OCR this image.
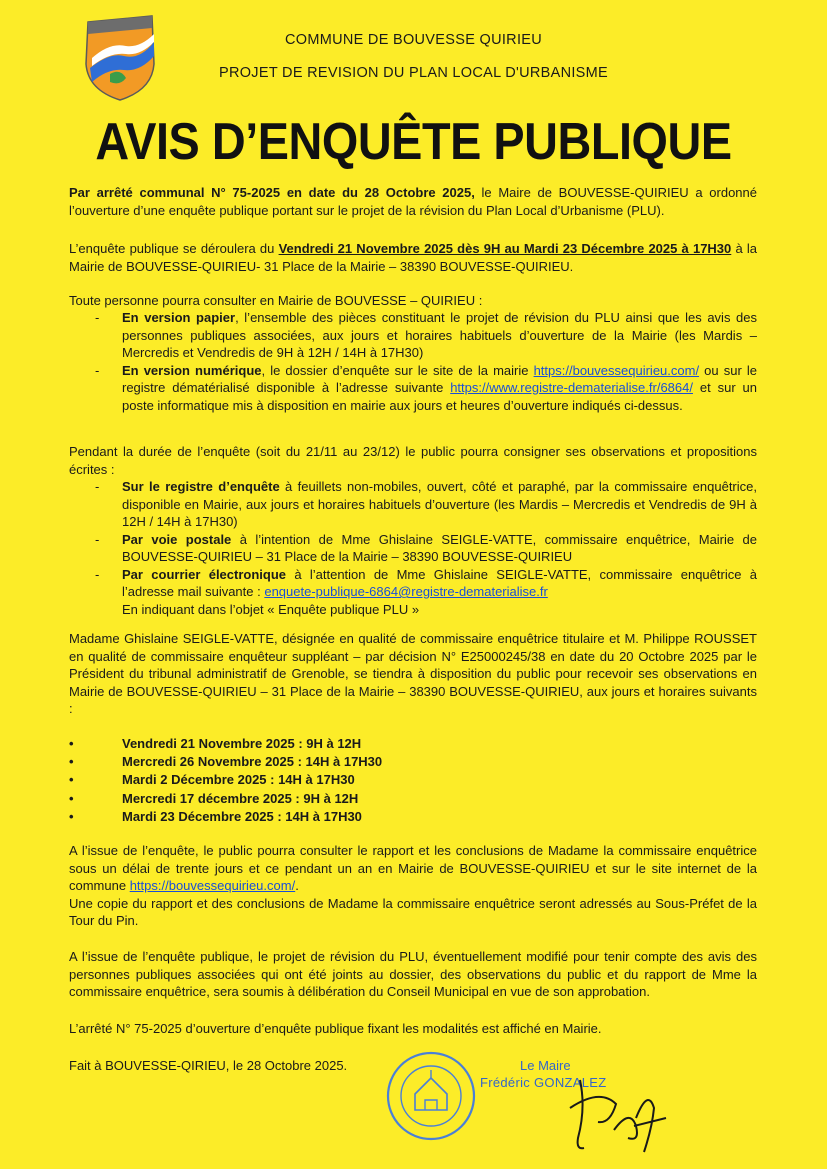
COMMUNE DE BOUVESSE QUIRIEU
PROJET DE REVISION DU PLAN LOCAL D'URBANISME
AVIS D’ENQUÊTE PUBLIQUE
Par arrêté communal N° 75-2025 en date du 28 Octobre 2025, le Maire de BOUVESSE-QUIRIEU a ordonné l’ouverture d’une enquête publique portant sur le projet de la révision du Plan Local d’Urbanisme (PLU).
L’enquête publique se déroulera du Vendredi 21 Novembre 2025 dès 9H au Mardi 23 Décembre 2025 à 17H30 à la Mairie de BOUVESSE-QUIRIEU- 31 Place de la Mairie – 38390 BOUVESSE-QUIRIEU.
Toute personne pourra consulter en Mairie de BOUVESSE – QUIRIEU :
- En version papier, l’ensemble des pièces constituant le projet de révision du PLU ainsi que les avis des personnes publiques associées, aux jours et horaires habituels d’ouverture de la Mairie (les Mardis – Mercredis et Vendredis de 9H à 12H / 14H à 17H30)
- En version numérique, le dossier d’enquête sur le site de la mairie https://bouvessequirieu.com/ ou sur le registre dématérialisé disponible à l’adresse suivante https://www.registre-dematerialise.fr/6864/ et sur un poste informatique mis à disposition en mairie aux jours et heures d’ouverture indiqués ci-dessus.
Pendant la durée de l’enquête (soit du 21/11 au 23/12) le public pourra consigner ses observations et propositions écrites :
- Sur le registre d’enquête à feuillets non-mobiles, ouvert, côté et paraphé, par la commissaire enquêtrice, disponible en Mairie, aux jours et horaires habituels d’ouverture (les Mardis – Mercredis et Vendredis de 9H à 12H / 14H à 17H30)
- Par voie postale à l’intention de Mme Ghislaine SEIGLE-VATTE, commissaire enquêtrice, Mairie de BOUVESSE-QUIRIEU – 31 Place de la Mairie – 38390 BOUVESSE-QUIRIEU
- Par courrier électronique à l’attention de Mme Ghislaine SEIGLE-VATTE, commissaire enquêtrice à l’adresse mail suivante : enquete-publique-6864@registre-dematerialise.fr
En indiquant dans l’objet « Enquête publique PLU »
Madame Ghislaine SEIGLE-VATTE, désignée en qualité de commissaire enquêtrice titulaire et M. Philippe ROUSSET en qualité de commissaire enquêteur suppléant – par décision N° E25000245/38 en date du 20 Octobre 2025 par le Président du tribunal administratif de Grenoble, se tiendra à disposition du public pour recevoir ses observations en Mairie de BOUVESSE-QUIRIEU – 31 Place de la Mairie – 38390 BOUVESSE-QUIRIEU, aux jours et horaires suivants :
•	Vendredi 21 Novembre 2025 : 9H à 12H
•	Mercredi 26 Novembre 2025 : 14H à 17H30
•	Mardi 2 Décembre 2025 : 14H à 17H30
•	Mercredi 17 décembre 2025 : 9H à 12H
•	Mardi 23 Décembre 2025 : 14H à 17H30
A l’issue de l’enquête, le public pourra consulter le rapport et les conclusions de Madame la commissaire enquêtrice sous un délai de trente jours et ce pendant un an en Mairie de BOUVESSE-QUIRIEU et sur le site internet de la commune https://bouvessequirieu.com/.
Une copie du rapport et des conclusions de Madame la commissaire enquêtrice seront adressés au Sous-Préfet de la Tour du Pin.
A l’issue de l’enquête publique, le projet de révision du PLU, éventuellement modifié pour tenir compte des avis des personnes publiques associées qui ont été joints au dossier, des observations du public et du rapport de Mme la commissaire enquêtrice, sera soumis à délibération du Conseil Municipal en vue de son approbation.
L’arrêté N° 75-2025 d’ouverture d’enquête publique fixant les modalités est affiché en Mairie.
Fait à BOUVESSE-QIRIEU, le 28 Octobre 2025.	Le Maire
Frédéric GONZALEZ
